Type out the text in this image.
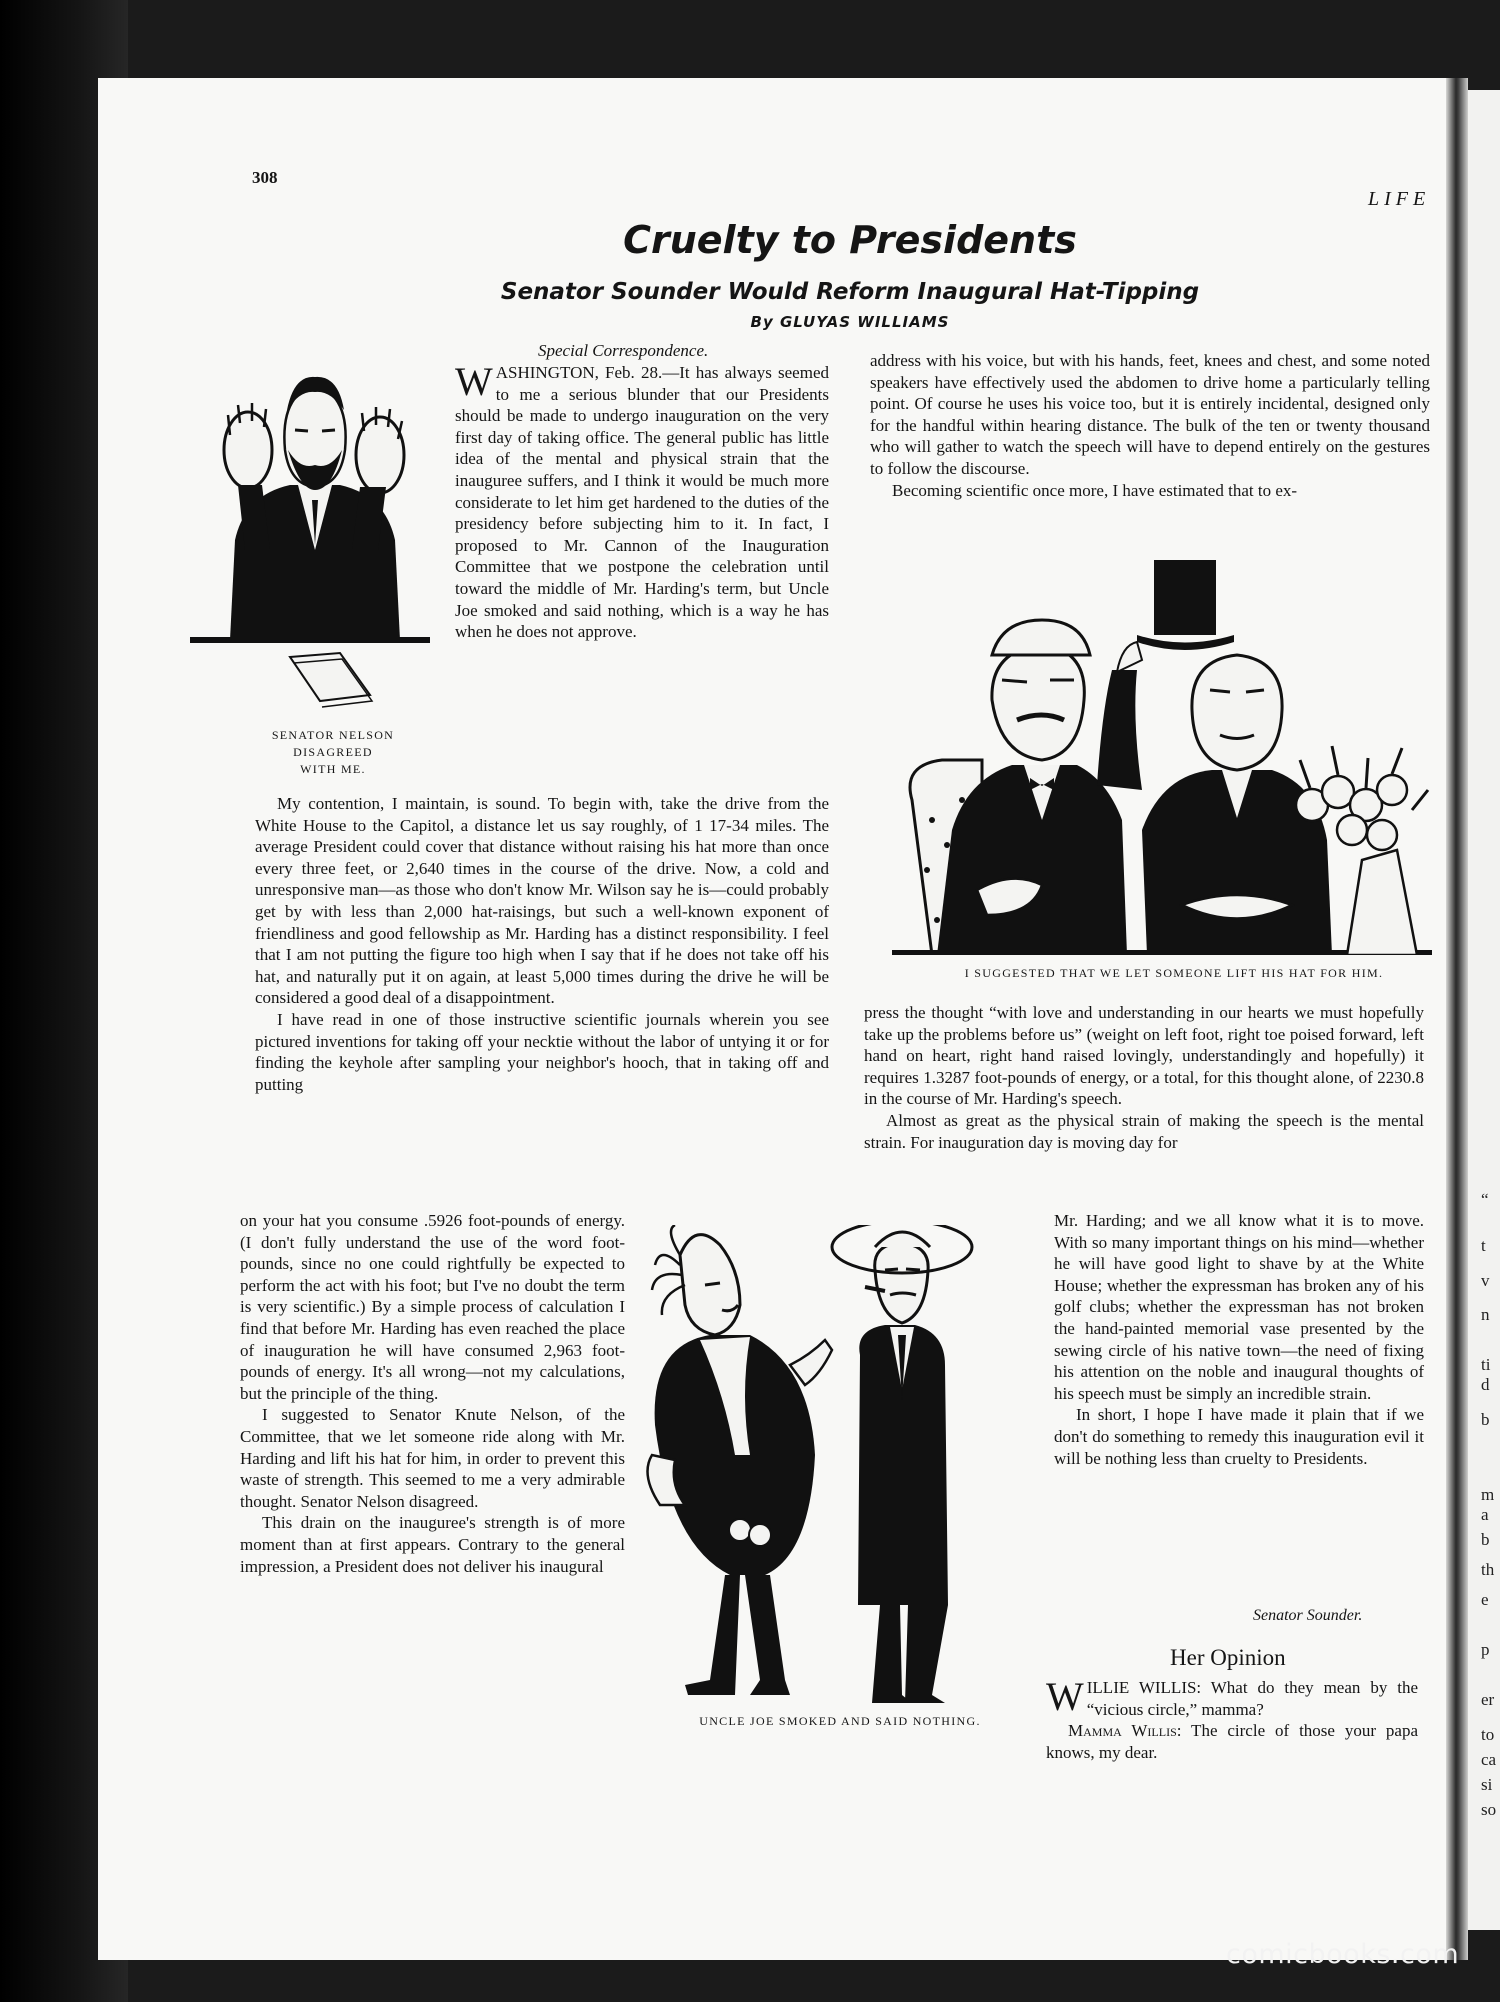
“
t
v
n
ti
d
b
m
a
b
th
e
p
er
to
ca
si
so
308
LIFE
Cruelty to Presidents
Senator Sounder Would Reform Inaugural Hat-Tipping
By GLUYAS WILLIAMS
Special Correspondence.
SENATOR NELSON
DISAGREED
WITH ME.

WASHINGTON, Feb. 28.—It has always seemed to me a serious blunder that our Presidents should be made to undergo inauguration on the very first day of taking office. The general public has little idea of the mental and physical strain that the inauguree suffers, and I think it would be much more considerate to let him get hardened to the duties of the presidency before subjecting him to it. In fact, I proposed to Mr. Cannon of the Inauguration Committee that we postpone the celebration until toward the middle of Mr. Harding's term, but Uncle Joe smoked and said nothing, which is a way he has when he does not approve.

My contention, I maintain, is sound. To begin with, take the drive from the White House to the Capitol, a distance let us say roughly, of 1 17-34 miles. The average President could cover that distance without raising his hat more than once every three feet, or 2,640 times in the course of the drive. Now, a cold and unresponsive man—as those who don't know Mr. Wilson say he is—could probably get by with less than 2,000 hat-raisings, but such a well-known exponent of friendliness and good fellowship as Mr. Harding has a distinct responsibility. I feel that I am not putting the figure too high when I say that if he does not take off his hat, and naturally put it on again, at least 5,000 times during the drive he will be considered a good deal of a disappointment.

I have read in one of those instructive scientific journals wherein you see pictured inventions for taking off your necktie without the labor of untying it or for finding the keyhole after sampling your neighbor's hooch, that in taking off and putting

on your hat you consume .5926 foot-pounds of energy. (I don't fully understand the use of the word foot-pounds, since no one could rightfully be expected to perform the act with his foot; but I've no doubt the term is very scientific.) By a simple process of calculation I find that before Mr. Harding has even reached the place of inauguration he will have consumed 2,963 foot-pounds of energy. It's all wrong—not my calculations, but the principle of the thing.

I suggested to Senator Knute Nelson, of the Committee, that we let someone ride along with Mr. Harding and lift his hat for him, in order to prevent this waste of strength. This seemed to me a very admirable thought. Senator Nelson disagreed.

This drain on the inauguree's strength is of more moment than at first appears. Contrary to the general impression, a President does not deliver his inaugural

address with his voice, but with his hands, feet, knees and chest, and some noted speakers have effectively used the abdomen to drive home a particularly telling point. Of course he uses his voice too, but it is entirely incidental, designed only for the handful within hearing distance. The bulk of the ten or twenty thousand who will gather to watch the speech will have to depend entirely on the gestures to follow the discourse.

Becoming scientific once more, I have estimated that to ex-

I SUGGESTED THAT WE LET SOMEONE LIFT HIS HAT FOR HIM.

press the thought “with love and understanding in our hearts we must hopefully take up the problems before us” (weight on left foot, right toe poised forward, left hand on heart, right hand raised lovingly, understandingly and hopefully) it requires 1.3287 foot-pounds of energy, or a total, for this thought alone, of 2230.8 in the course of Mr. Harding's speech.

Almost as great as the physical strain of making the speech is the mental strain. For inauguration day is moving day for

Mr. Harding; and we all know what it is to move. With so many important things on his mind—whether he will have good light to shave by at the White House; whether the expressman has broken any of his golf clubs; whether the expressman has not broken the hand-painted memorial vase presented by the sewing circle of his native town—the need of fixing his attention on the noble and inaugural thoughts of his speech must be simply an incredible strain.

In short, I hope I have made it plain that if we don't do something to remedy this inauguration evil it will be nothing less than cruelty to Presidents.

Senator Sounder.
UNCLE JOE SMOKED AND SAID NOTHING.
Her Opinion

WILLIE WILLIS: What do they mean by the “vicious circle,” mamma?

Mamma Willis: The circle of those your papa knows, my dear.

comicbooks.com
